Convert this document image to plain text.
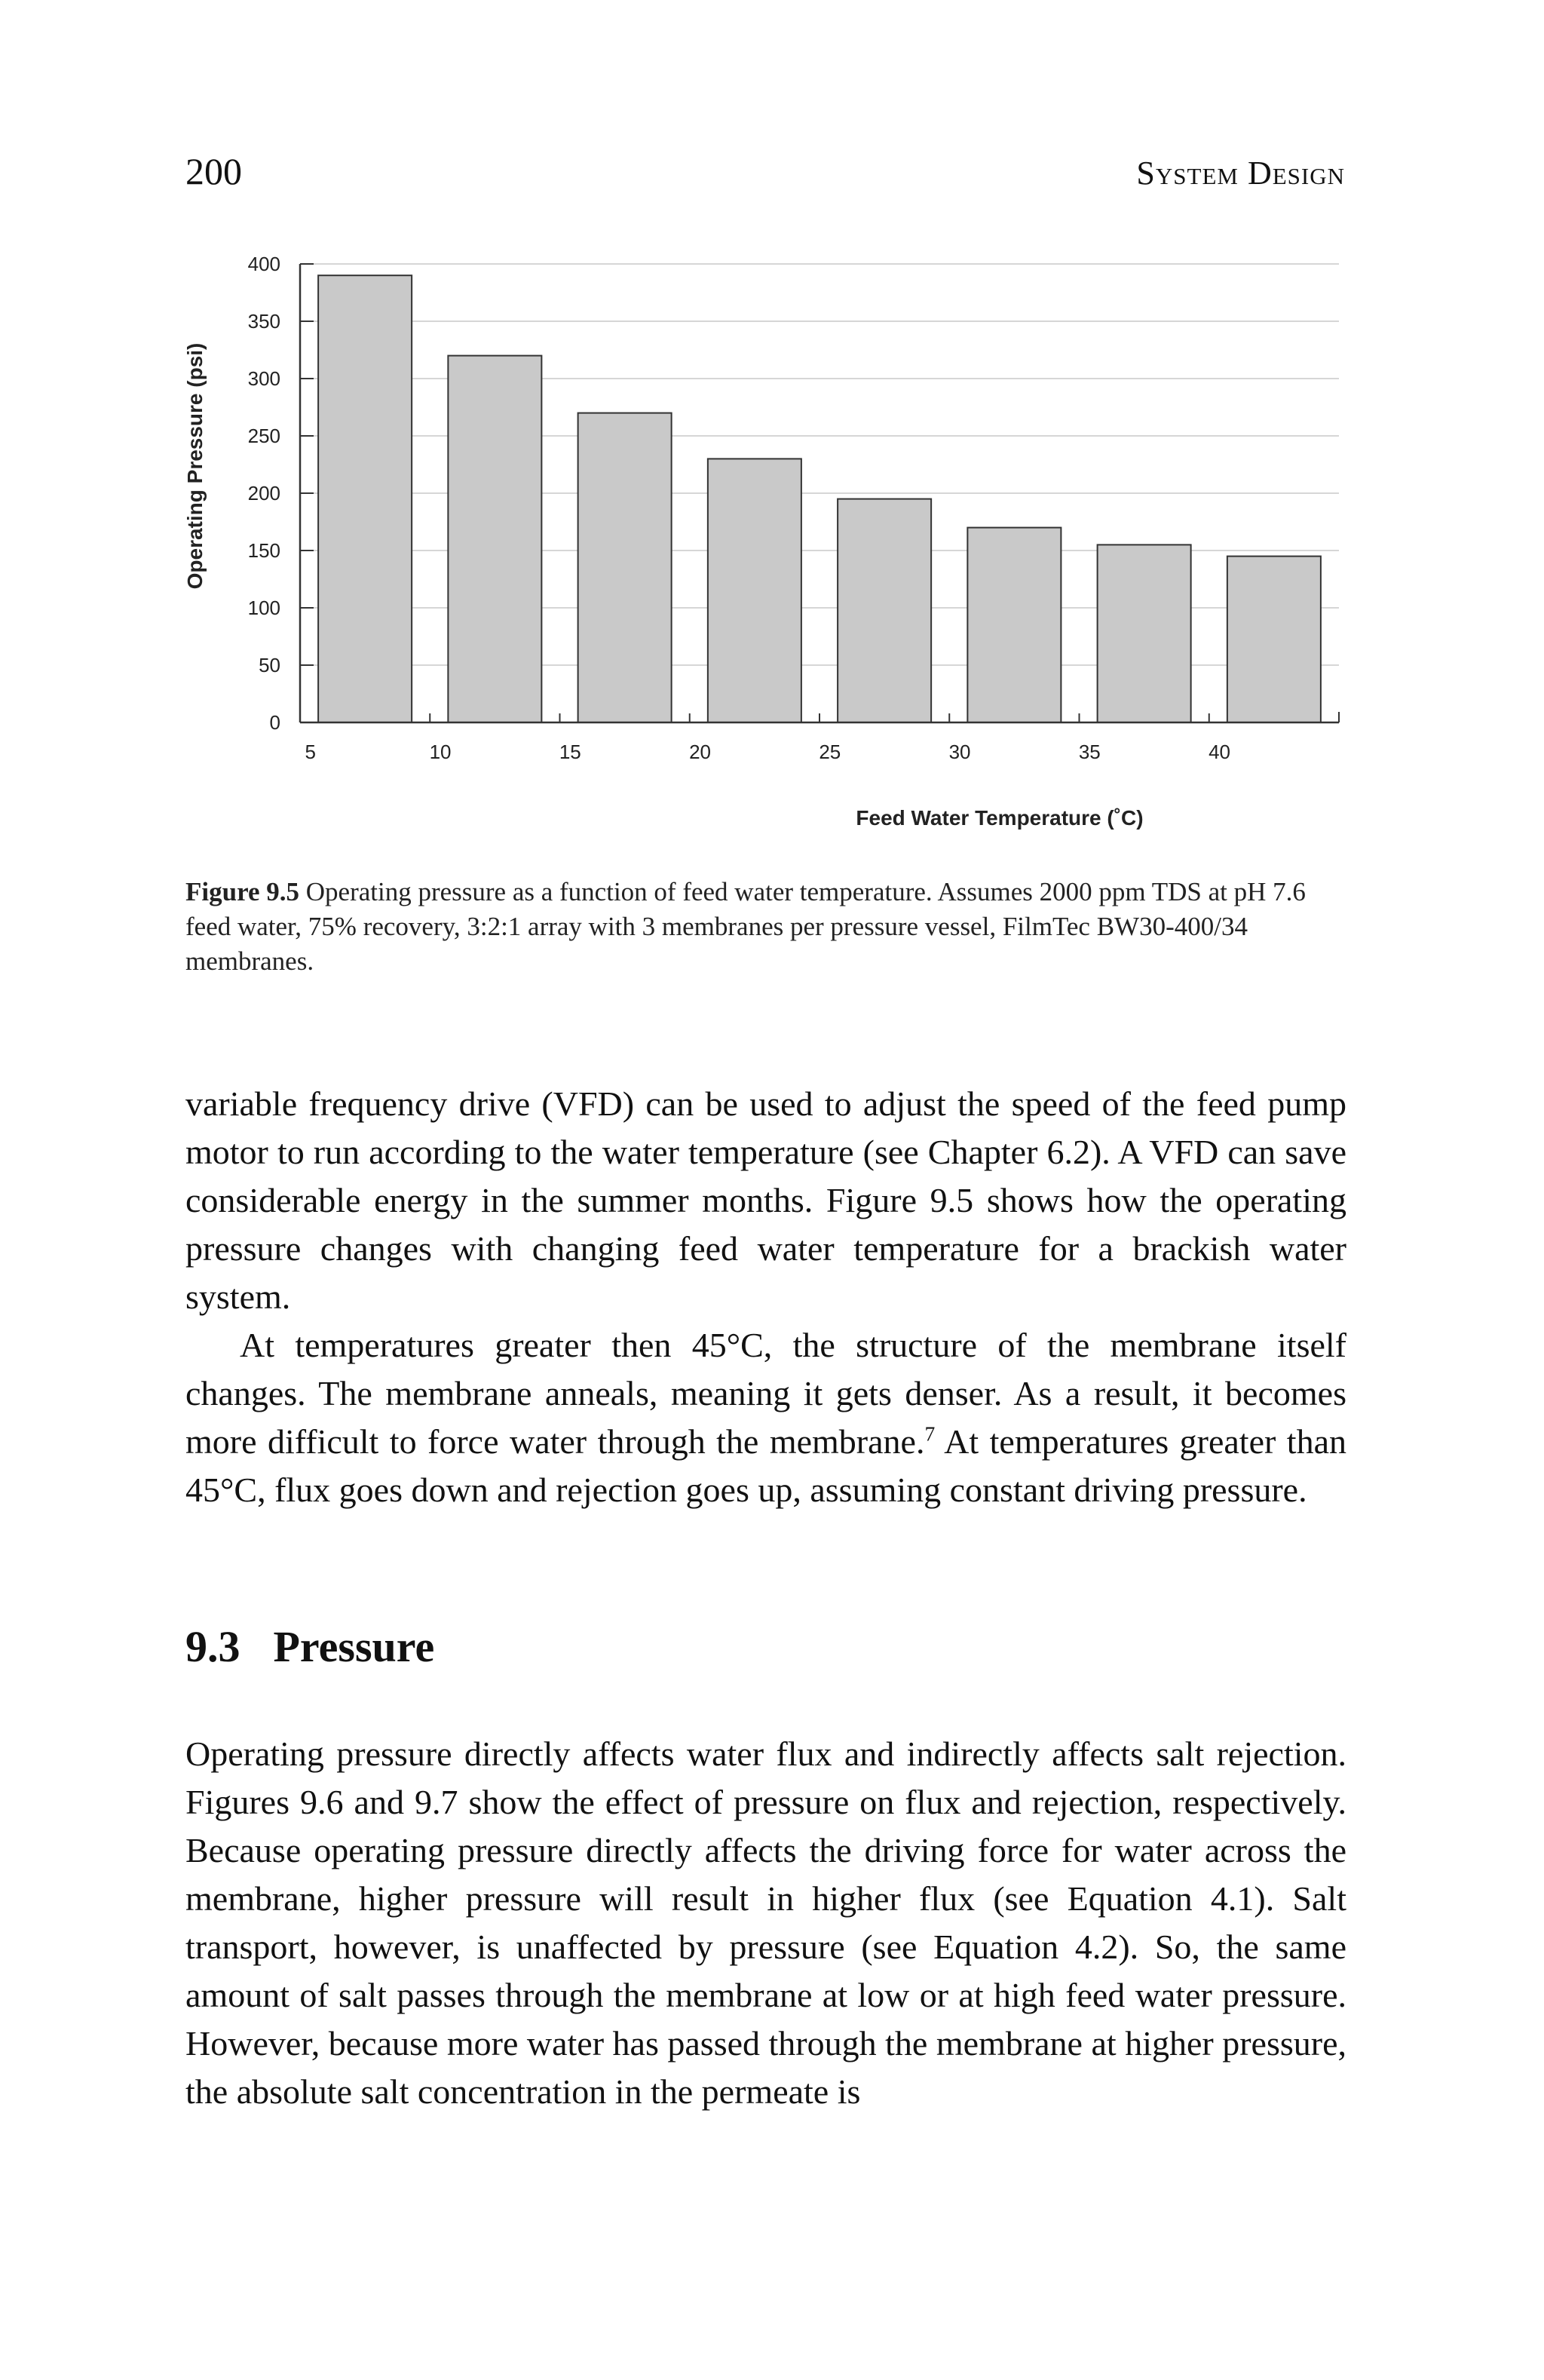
200	System Design
0
50
100
150
200
250
300
350
400
5	10	15	20	25	30	35	40
Operating Pressure (psi)
Feed Water Temperature (˚C)
Figure 9.5 Operating pressure as a function of feed water temperature. Assumes 2000 ppm TDS at pH 7.6 feed water, 75% recovery, 3:2:1 array with 3 membranes per pressure vessel, FilmTec BW30-400/34 membranes.

variable frequency drive (VFD) can be used to adjust the speed of the feed pump motor to run according to the water temperature (see Chapter 6.2). A VFD can save considerable energy in the summer months. Figure 9.5 shows how the operating pressure changes with changing feed water temperature for a brackish water system.

At temperatures greater then 45°C, the structure of the membrane itself changes. The membrane anneals, meaning it gets denser. As a result, it becomes more difficult to force water through the membrane.$^7$ At temperatures greater than 45°C, flux goes down and rejection goes up, assuming constant driving pressure.

9.3 Pressure

Operating pressure directly affects water flux and indirectly affects salt rejection. Figures 9.6 and 9.7 show the effect of pressure on flux and rejection, respectively. Because operating pressure directly affects the driving force for water across the membrane, higher pressure will result in higher flux (see Equation 4.1). Salt transport, however, is unaffected by pressure (see Equation 4.2). So, the same amount of salt passes through the membrane at low or at high feed water pressure. However, because more water has passed through the membrane at higher pressure, the absolute salt concentration in the permeate is
